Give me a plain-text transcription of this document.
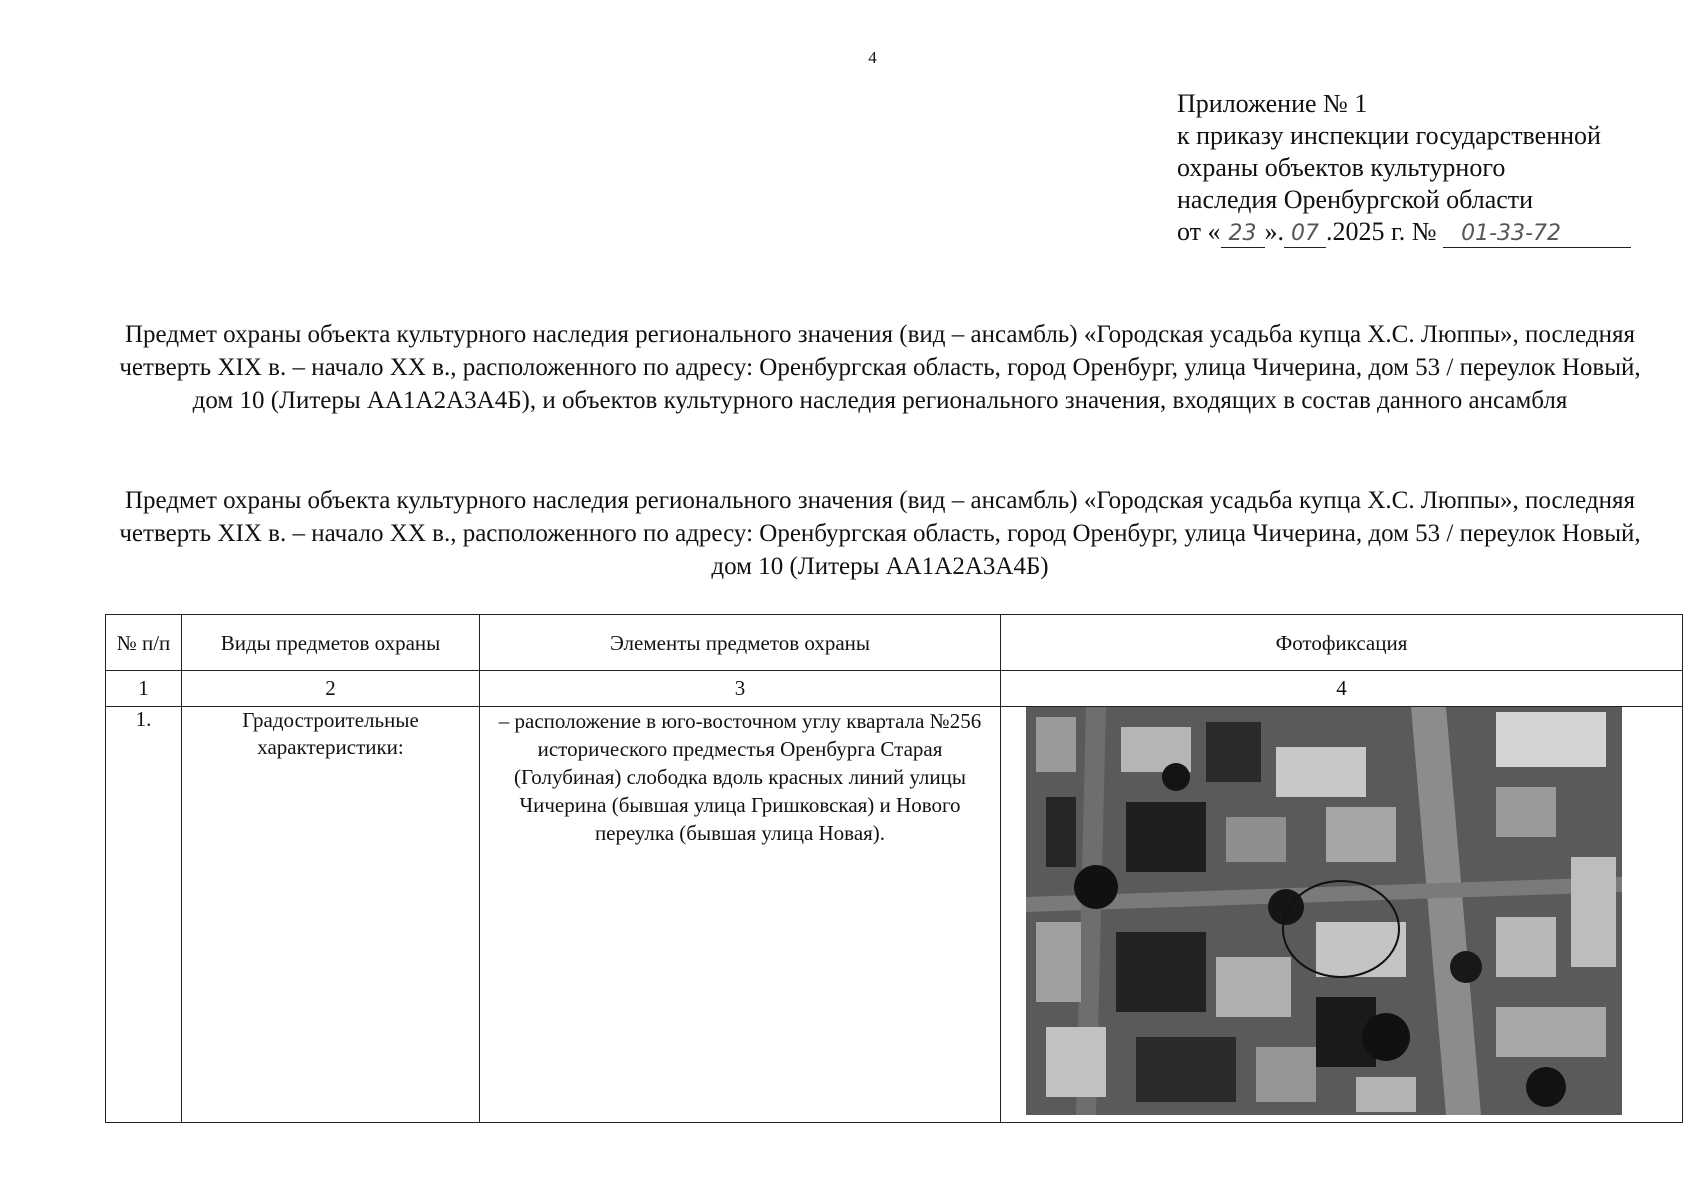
4
Приложение № 1
к приказу инспекции государственной
охраны объектов культурного
наследия Оренбургской области
от « 23 ». 07 .2025 г. № 01-33-72
Предмет охраны объекта культурного наследия регионального значения (вид – ансамбль) «Городская усадьба купца Х.С. Люппы», последняя четверть XIX в. – начало XX в., расположенного по адресу: Оренбургская область, город Оренбург, улица Чичерина, дом 53 / переулок Новый, дом 10 (Литеры АА1А2А3А4Б), и объектов культурного наследия регионального значения, входящих в состав данного ансамбля
Предмет охраны объекта культурного наследия регионального значения (вид – ансамбль) «Городская усадьба купца Х.С. Люппы», последняя четверть XIX в. – начало XX в., расположенного по адресу: Оренбургская область, город Оренбург, улица Чичерина, дом 53 / переулок Новый, дом 10 (Литеры АА1А2А3А4Б)
№ п/п	Виды предметов охраны	Элементы предметов охраны	Фотофиксация
1	2	3	4
1.	Градостроительные характеристики:	– расположение в юго-восточном углу квартала №256 исторического предместья Оренбурга Старая (Голубиная) слободка вдоль красных линий улицы Чичерина (бывшая улица Гришковская) и Нового переулка (бывшая улица Новая).	
